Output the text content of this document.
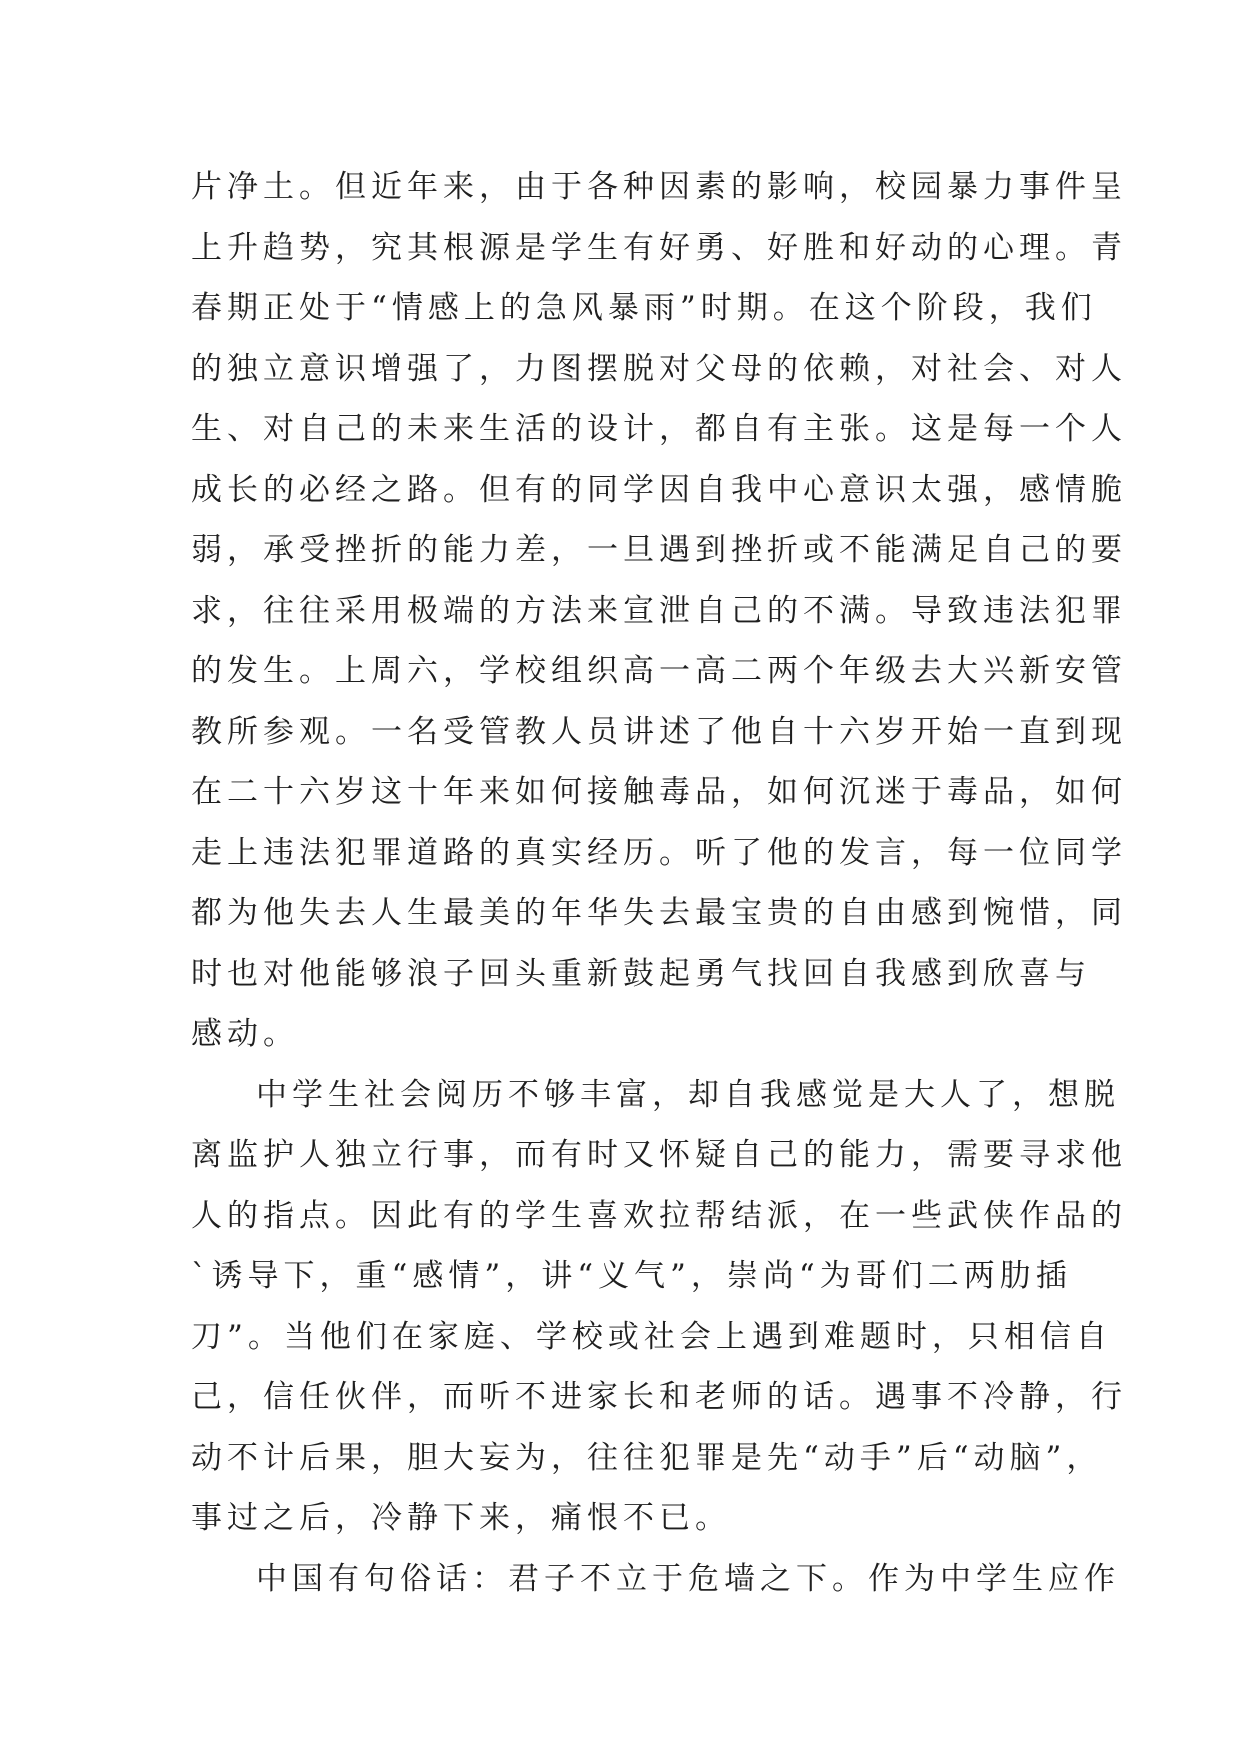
片净土。但近年来，由于各种因素的影响，校园暴力事件呈
上升趋势，究其根源是学生有好勇、好胜和好动的心理。青
春期正处于“情感上的急风暴雨”时期。在这个阶段，我们
的独立意识增强了，力图摆脱对父母的依赖，对社会、对人
生、对自己的未来生活的设计，都自有主张。这是每一个人
成长的必经之路。但有的同学因自我中心意识太强，感情脆
弱，承受挫折的能力差，一旦遇到挫折或不能满足自己的要
求，往往采用极端的方法来宣泄自己的不满。导致违法犯罪
的发生。上周六，学校组织高一高二两个年级去大兴新安管
教所参观。一名受管教人员讲述了他自十六岁开始一直到现
在二十六岁这十年来如何接触毒品，如何沉迷于毒品，如何
走上违法犯罪道路的真实经历。听了他的发言，每一位同学
都为他失去人生最美的年华失去最宝贵的自由感到惋惜，同
时也对他能够浪子回头重新鼓起勇气找回自我感到欣喜与
感动。
中学生社会阅历不够丰富，却自我感觉是大人了，想脱
离监护人独立行事，而有时又怀疑自己的能力，需要寻求他
人的指点。因此有的学生喜欢拉帮结派，在一些武侠作品的
`诱导下，重“感情”，讲“义气”，崇尚“为哥们二两肋插
刀”。当他们在家庭、学校或社会上遇到难题时，只相信自
己，信任伙伴，而听不进家长和老师的话。遇事不冷静，行
动不计后果，胆大妄为，往往犯罪是先“动手”后“动脑”，
事过之后，冷静下来，痛恨不已。
中国有句俗话：君子不立于危墙之下。作为中学生应作
